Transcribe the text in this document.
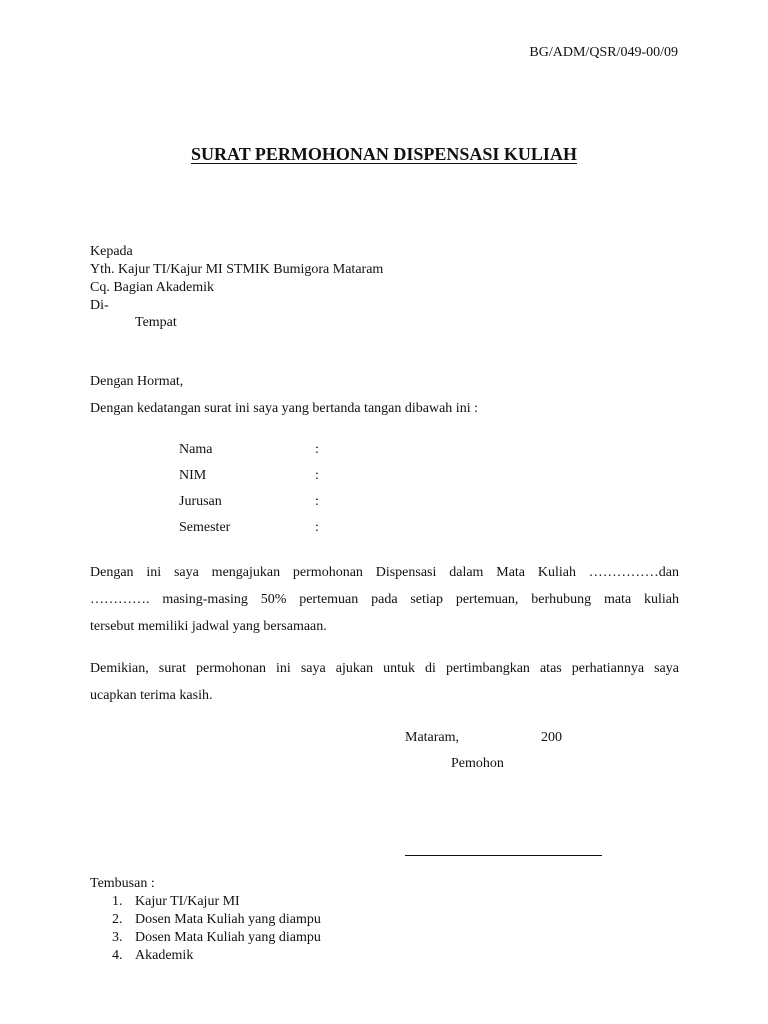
BG/ADM/QSR/049-00/09
SURAT PERMOHONAN DISPENSASI KULIAH
Kepada
Yth. Kajur TI/Kajur MI STMIK Bumigora Mataram
Cq. Bagian Akademik
Di-
Tempat
Dengan Hormat,
Dengan kedatangan surat ini saya yang bertanda tangan dibawah ini :
Nama	:
NIM	:
Jurusan	:
Semester	:
Dengan ini saya mengajukan permohonan Dispensasi dalam Mata Kuliah ……………dan
…………. masing-masing 50% pertemuan pada setiap pertemuan, berhubung mata kuliah
tersebut memiliki jadwal yang bersamaan.
Demikian, surat permohonan ini saya ajukan untuk di pertimbangkan atas perhatiannya saya
ucapkan terima kasih.
Mataram,	200
Pemohon
Tembusan :
1. Kajur TI/Kajur MI
2. Dosen Mata Kuliah yang diampu
3. Dosen Mata Kuliah yang diampu
4. Akademik
